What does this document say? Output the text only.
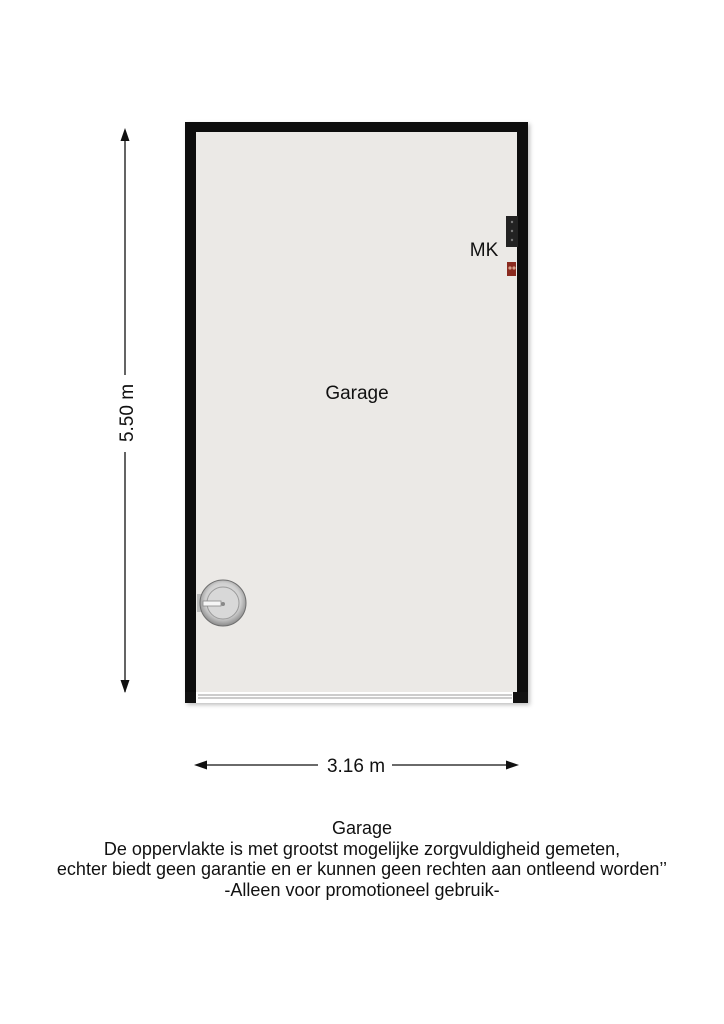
MK
Garage
5.50 m
3.16 m
Garage
De oppervlakte is met grootst mogelijke zorgvuldigheid gemeten,
echter biedt geen garantie en er kunnen geen rechten aan ontleend worden’’
-Alleen voor promotioneel gebruik-
